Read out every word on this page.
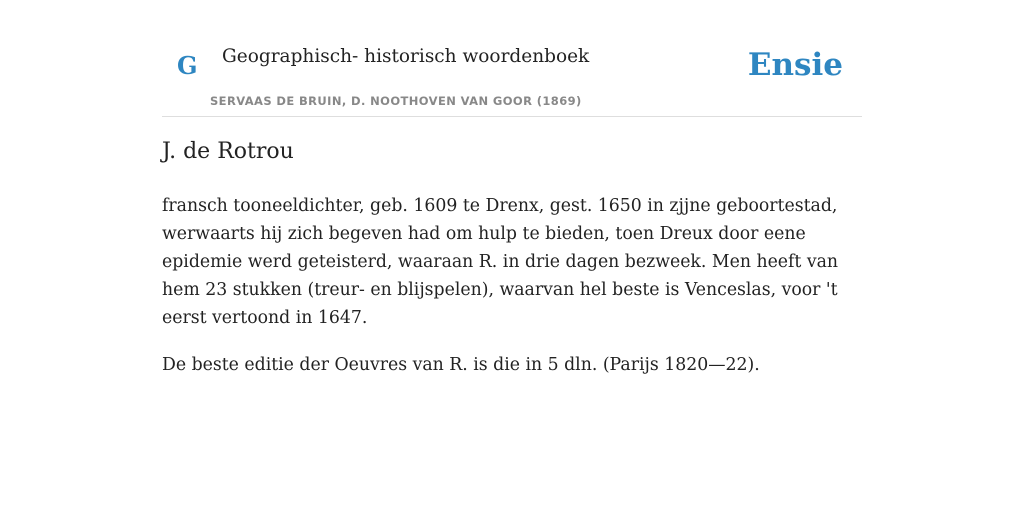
G Geographisch- historisch woordenboek
SERVAAS DE BRUIN, D. NOOTHOVEN VAN GOOR (1869)
Ensie
J. de Rotrou

fransch tooneeldichter, geb. 1609 te Drenx, gest. 1650 in zjjne geboortestad, werwaarts hij zich begeven had om hulp te bieden, toen Dreux door eene epidemie werd geteisterd, waaraan R. in drie dagen bezweek. Men heeft van hem 23 stukken (treur- en blijspelen), waarvan hel beste is Venceslas, voor 't eerst vertoond in 1647.

De beste editie der Oeuvres van R. is die in 5 dln. (Parijs 1820—22).
